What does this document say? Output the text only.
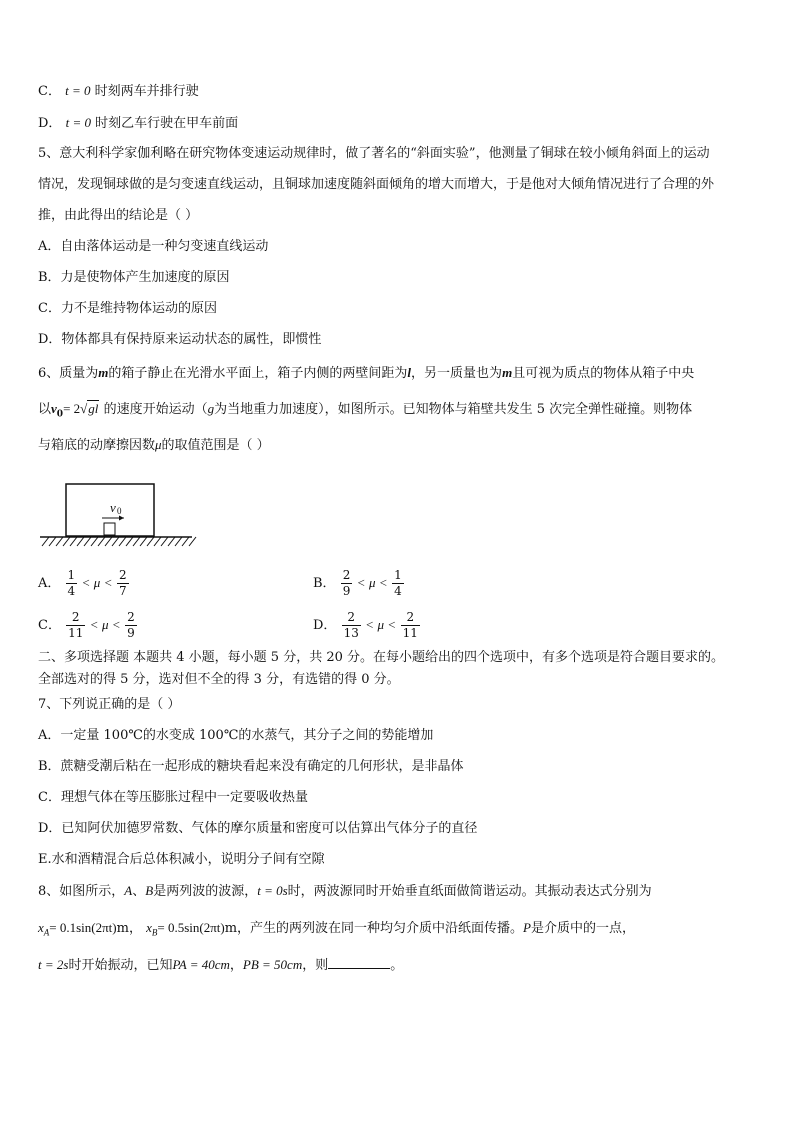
C． t = 0 时刻两车并排行驶
D． t = 0 时刻乙车行驶在甲车前面
5、意大利科学家伽利略在研究物体变速运动规律时，做了著名的“斜面实验”，他测量了铜球在较小倾角斜面上的运动
情况，发现铜球做的是匀变速直线运动，且铜球加速度随斜面倾角的增大而增大，于是他对大倾角情况进行了合理的外
推，由此得出的结论是（ ）
A．自由落体运动是一种匀变速直线运动
B．力是使物体产生加速度的原因
C．力不是维持物体运动的原因
D．物体都具有保持原来运动状态的属性，即惯性
6、质量为m的箱子静止在光滑水平面上，箱子内侧的两壁间距为l，另一质量也为m且可视为质点的物体从箱子中央
以$v_0= 2√gl$ 的速度开始运动（g为当地重力加速度），如图所示。已知物体与箱壁共发生 5 次完全弹性碰撞。则物体
与箱底的动摩擦因数μ的取值范围是（ ）
v 0
A． $\frac{1}{4} < \mu < \frac{2}{7}$	B． $\frac{2}{9} < \mu < \frac{1}{4}$
C． $\frac{2}{11} < \mu < \frac{2}{9}$	D． $\frac{2}{13} < \mu < \frac{2}{11}$
二、多项选择题 本题共 4 小题，每小题 5 分，共 20 分。在每小题给出的四个选项中，有多个选项是符合题目要求的。
全部选对的得 5 分，选对但不全的得 3 分，有选错的得 0 分。
7、下列说正确的是（ ）
A．一定量 100℃的水变成 100℃的水蒸气，其分子之间的势能增加
B．蔗糖受潮后粘在一起形成的糖块看起来没有确定的几何形状，是非晶体
C．理想气体在等压膨胀过程中一定要吸收热量
D．已知阿伏加德罗常数、气体的摩尔质量和密度可以估算出气体分子的直径
E.水和酒精混合后总体积减小，说明分子间有空隙
8、如图所示，A、B是两列波的波源，t = 0s时，两波源同时开始垂直纸面做简谐运动。其振动表达式分别为
$x_A= 0.1\sin(2\pi t)m$， $x_B= 0.5\sin(2\pi t)m$，产生的两列波在同一种均匀介质中沿纸面传播。P是介质中的一点，
t = 2s时开始振动，已知PA = 40cm，PB = 50cm，则	。
